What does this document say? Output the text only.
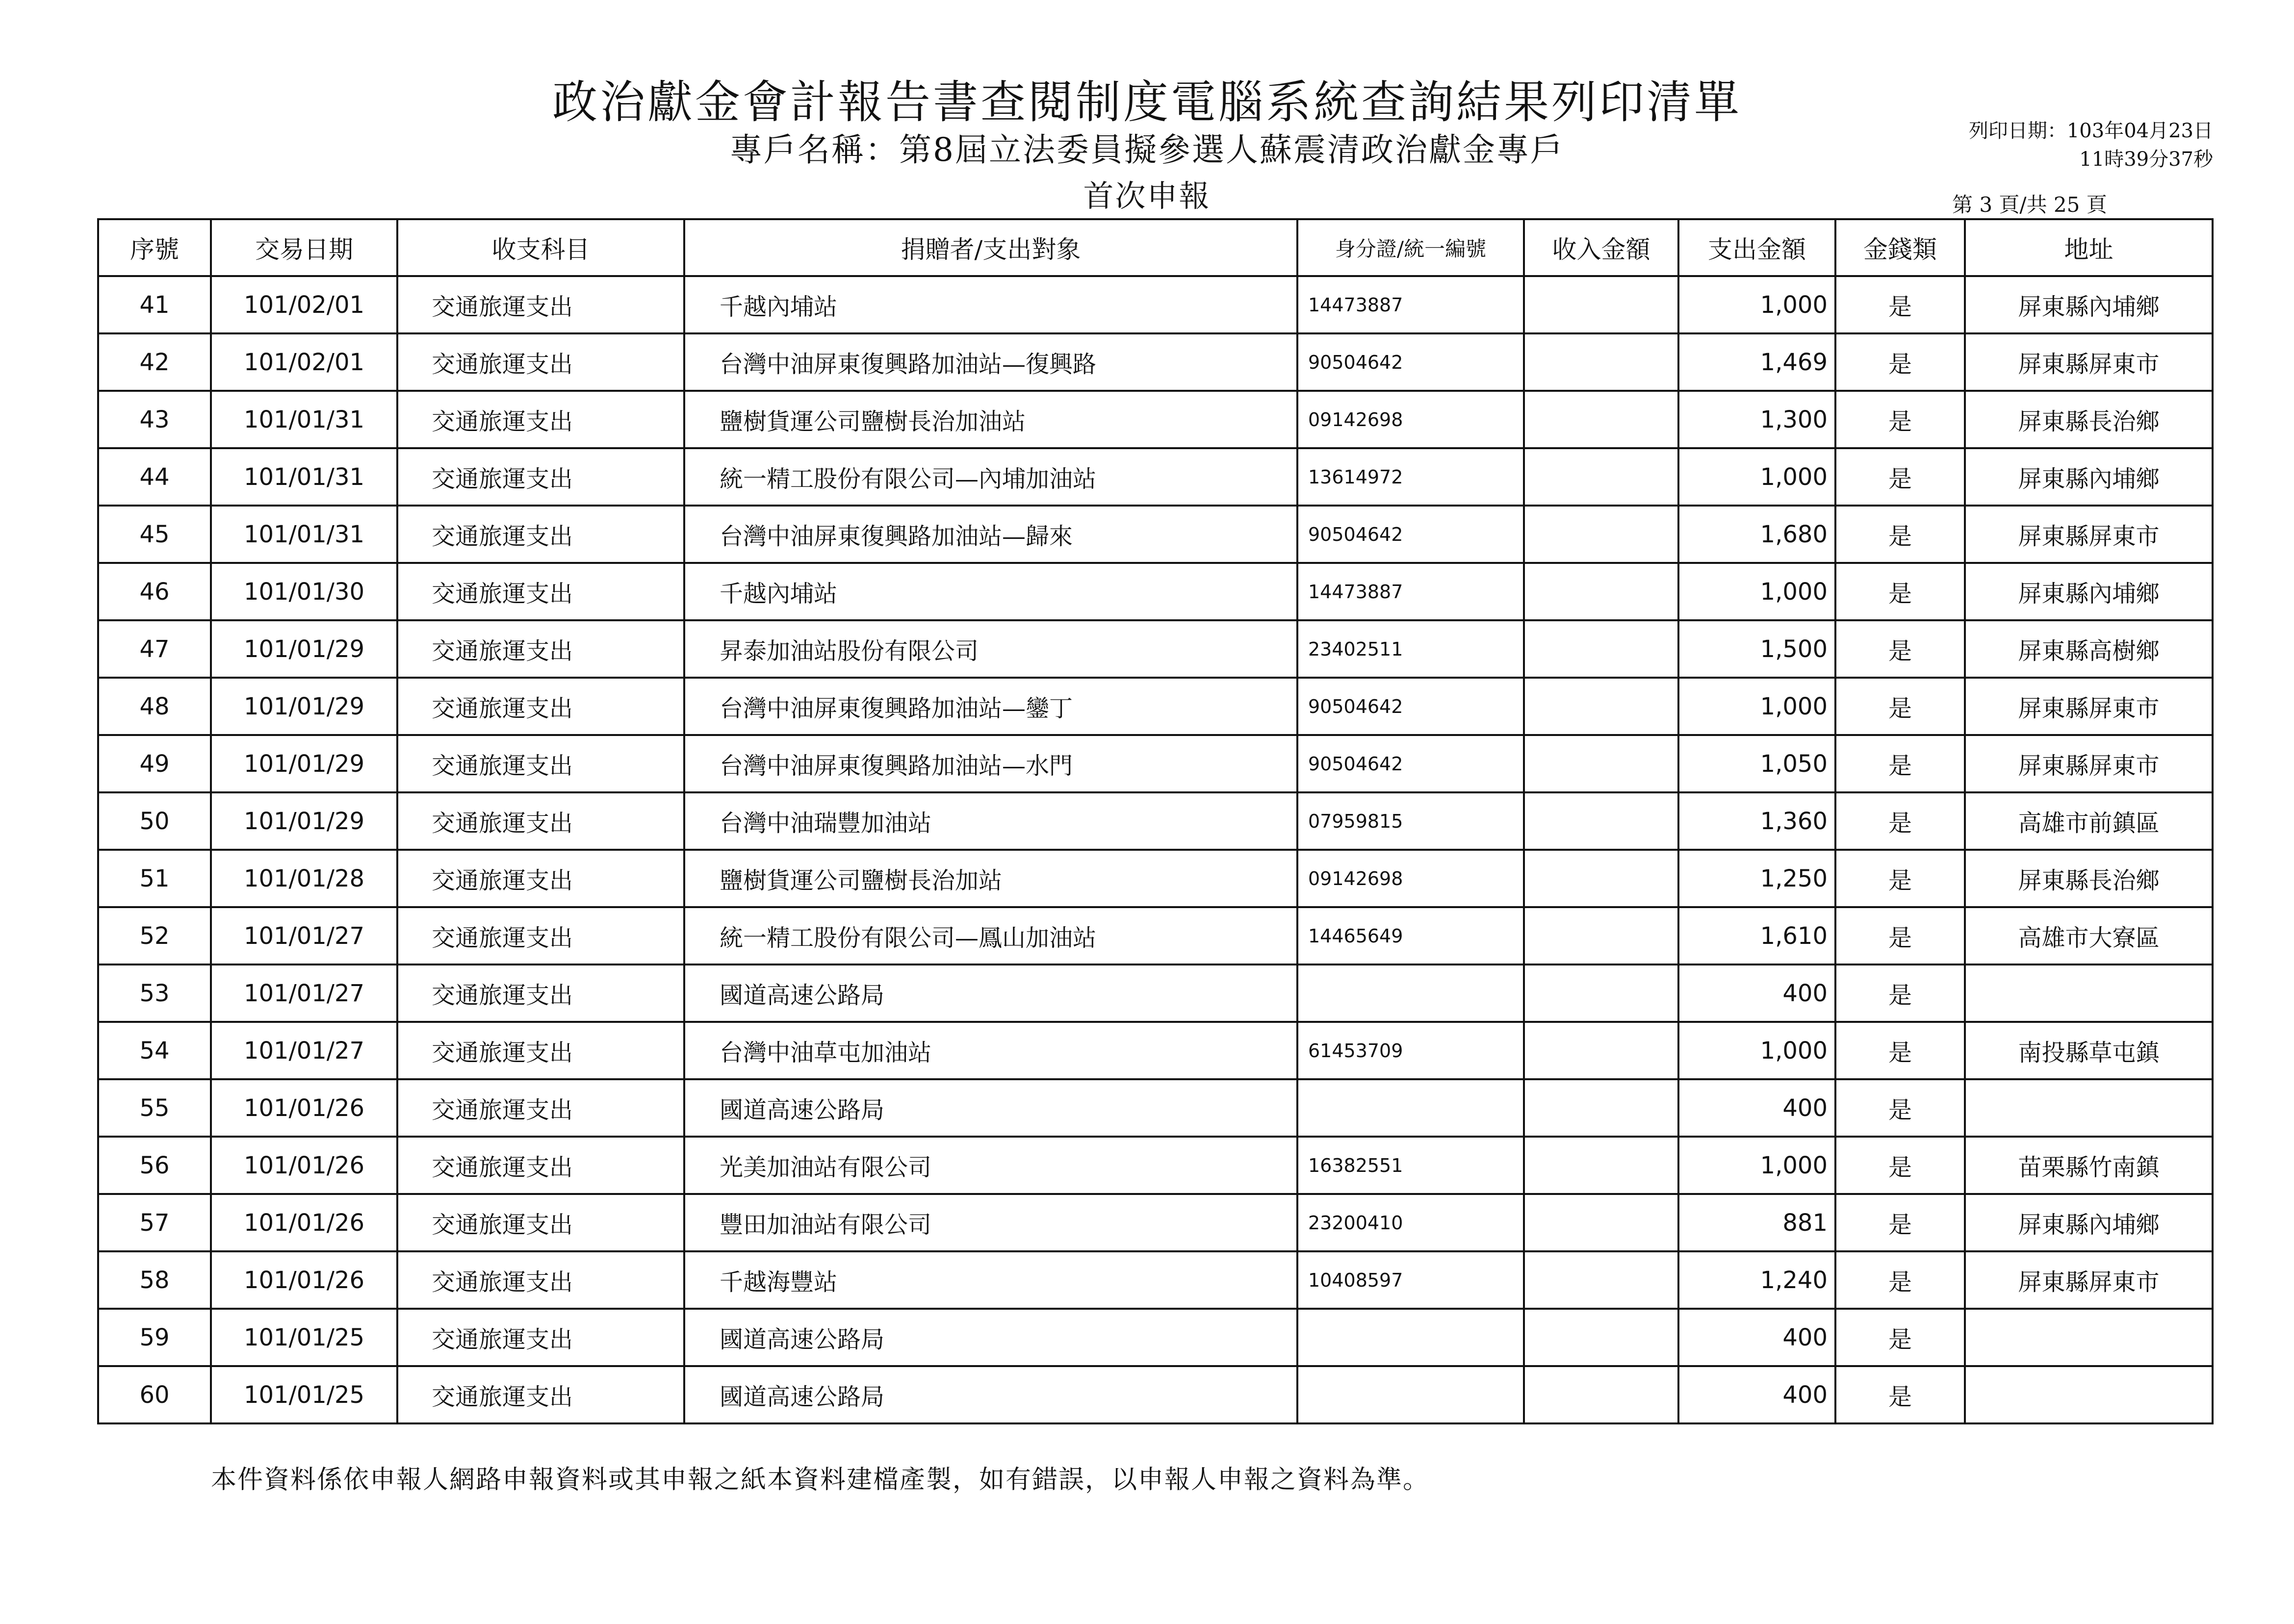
政治獻金會計報告書查閱制度電腦系統查詢結果列印清單
專戶名稱：第8屆立法委員擬參選人蘇震清政治獻金專戶
首次申報
列印日期：103年04月23日
11時39分37秒
第 3 頁/共 25 頁
序號	交易日期	收支科目	捐贈者/支出對象	身分證/統一編號	收入金額	支出金額	金錢類	地址
41	101/02/01	交通旅運支出	千越內埔站	14473887		1,000	是	屏東縣內埔鄉
42	101/02/01	交通旅運支出	台灣中油屏東復興路加油站—復興路	90504642		1,469	是	屏東縣屏東市
43	101/01/31	交通旅運支出	鹽樹貨運公司鹽樹長治加油站	09142698		1,300	是	屏東縣長治鄉
44	101/01/31	交通旅運支出	統一精工股份有限公司—內埔加油站	13614972		1,000	是	屏東縣內埔鄉
45	101/01/31	交通旅運支出	台灣中油屏東復興路加油站—歸來	90504642		1,680	是	屏東縣屏東市
46	101/01/30	交通旅運支出	千越內埔站	14473887		1,000	是	屏東縣內埔鄉
47	101/01/29	交通旅運支出	昇泰加油站股份有限公司	23402511		1,500	是	屏東縣高樹鄉
48	101/01/29	交通旅運支出	台灣中油屏東復興路加油站—鑾丁	90504642		1,000	是	屏東縣屏東市
49	101/01/29	交通旅運支出	台灣中油屏東復興路加油站—水門	90504642		1,050	是	屏東縣屏東市
50	101/01/29	交通旅運支出	台灣中油瑞豐加油站	07959815		1,360	是	高雄市前鎮區
51	101/01/28	交通旅運支出	鹽樹貨運公司鹽樹長治加站	09142698		1,250	是	屏東縣長治鄉
52	101/01/27	交通旅運支出	統一精工股份有限公司—鳳山加油站	14465649		1,610	是	高雄市大寮區
53	101/01/27	交通旅運支出	國道高速公路局			400	是	
54	101/01/27	交通旅運支出	台灣中油草屯加油站	61453709		1,000	是	南投縣草屯鎮
55	101/01/26	交通旅運支出	國道高速公路局			400	是	
56	101/01/26	交通旅運支出	光美加油站有限公司	16382551		1,000	是	苗栗縣竹南鎮
57	101/01/26	交通旅運支出	豐田加油站有限公司	23200410		881	是	屏東縣內埔鄉
58	101/01/26	交通旅運支出	千越海豐站	10408597		1,240	是	屏東縣屏東市
59	101/01/25	交通旅運支出	國道高速公路局			400	是	
60	101/01/25	交通旅運支出	國道高速公路局			400	是	
本件資料係依申報人網路申報資料或其申報之紙本資料建檔產製，如有錯誤，以申報人申報之資料為準。
